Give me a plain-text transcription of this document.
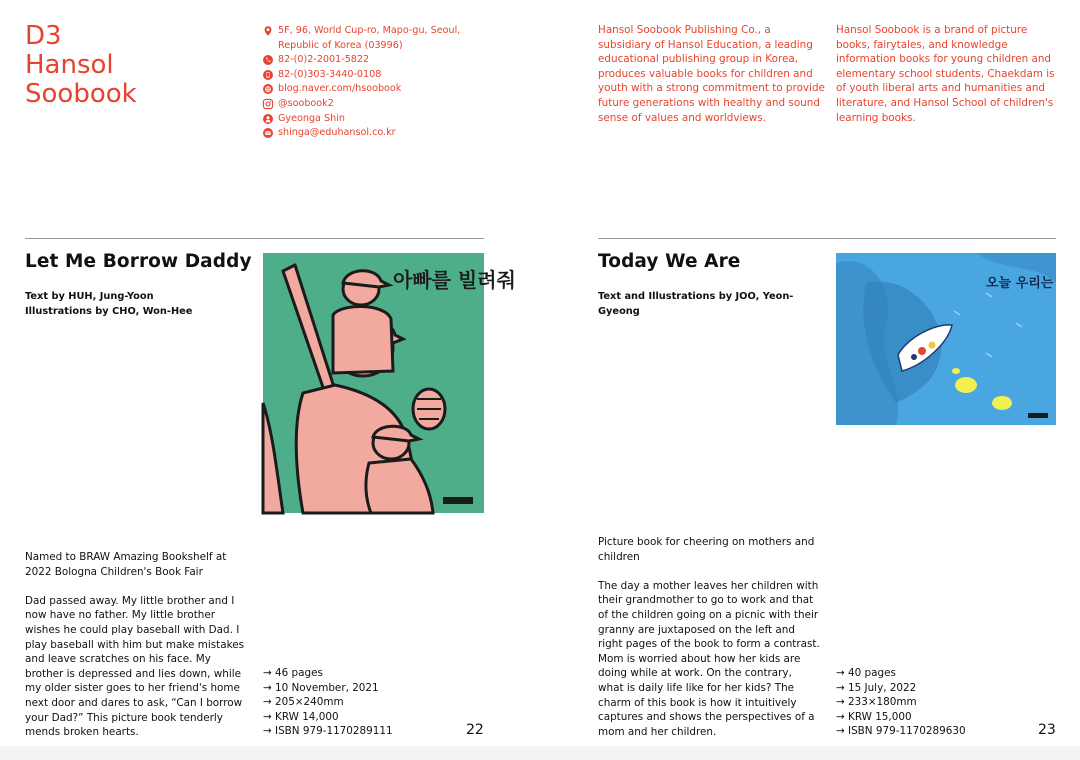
D3
Hansol
Soobook
5F, 96, World Cup-ro, Mapo-gu, Seoul, Republic of Korea (03996)
82-(0)2-2001-5822
82-(0)303-3440-0108
blog.naver.com/hsoobook
@soobook2
Gyeonga Shin
shinga@eduhansol.co.kr
Hansol Soobook Publishing Co., a subsidiary of Hansol Education, a leading educational publishing group in Korea, produces valuable books for children and youth with a strong commitment to provide future generations with healthy and sound sense of values and worldviews.
Hansol Soobook is a brand of picture books, fairytales, and knowledge information books for young children and elementary school students, Chaekdam is of youth liberal arts and humanities and literature, and Hansol School of children's learning books.
Let Me Borrow Daddy
Text by HUH, Jung-Yoon
Illustrations by CHO, Won-Hee
아빠를 빌려줘

Named to BRAW Amazing Bookshelf at 2022 Bologna Children's Book Fair

Dad passed away. My little brother and I now have no father. My little brother wishes he could play baseball with Dad. I play baseball with him but make mistakes and leave scratches on his face. My brother is depressed and lies down, while my older sister goes to her friend's home next door and dares to ask, “Can I borrow your Dad?” This picture book tenderly mends broken hearts.

→ 46 pages
→ 10 November, 2021
→ 205×240mm
→ KRW 14,000
→ ISBN 979-1170289111	22
Today We Are
Text and Illustrations by JOO, Yeon-Gyeong
오늘 우리는

Picture book for cheering on mothers and children

The day a mother leaves her children with their grandmother to go to work and that of the children going on a picnic with their granny are juxtaposed on the left and right pages of the book to form a contrast. Mom is worried about how her kids are doing while at work. On the contrary, what is daily life like for her kids? The charm of this book is how it intuitively captures and shows the perspectives of a mom and her children.

→ 40 pages
→ 15 July, 2022
→ 233×180mm
→ KRW 15,000
→ ISBN 979-1170289630	23
